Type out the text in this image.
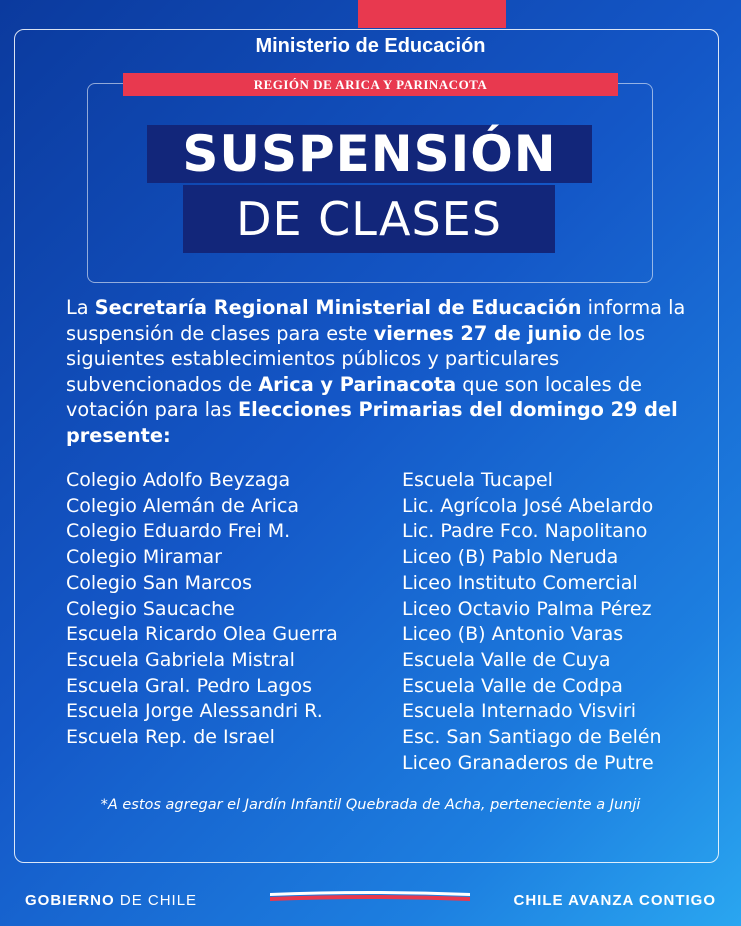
Ministerio de Educación
REGIÓN DE ARICA Y PARINACOTA
SUSPENSIÓN
DE CLASES
La Secretaría Regional Ministerial de Educación informa la suspensión de clases para este viernes 27 de junio de los siguientes establecimientos públicos y particulares subvencionados de Arica y Parinacota que son locales de votación para las Elecciones Primarias del domingo 29 del presente:
Colegio Adolfo Beyzaga
Colegio Alemán de Arica
Colegio Eduardo Frei M.
Colegio Miramar
Colegio San Marcos
Colegio Saucache
Escuela Ricardo Olea Guerra
Escuela Gabriela Mistral
Escuela Gral. Pedro Lagos
Escuela Jorge Alessandri R.
Escuela Rep. de Israel
Escuela Tucapel
Lic. Agrícola José Abelardo
Lic. Padre Fco. Napolitano
Liceo (B) Pablo Neruda
Liceo Instituto Comercial
Liceo Octavio Palma Pérez
Liceo (B) Antonio Varas
Escuela Valle de Cuya
Escuela Valle de Codpa
Escuela Internado Visviri
Esc. San Santiago de Belén
Liceo Granaderos de Putre
*A estos agregar el Jardín Infantil Quebrada de Acha, perteneciente a Junji
GOBIERNO DE CHILE	CHILE AVANZA CONTIGO
